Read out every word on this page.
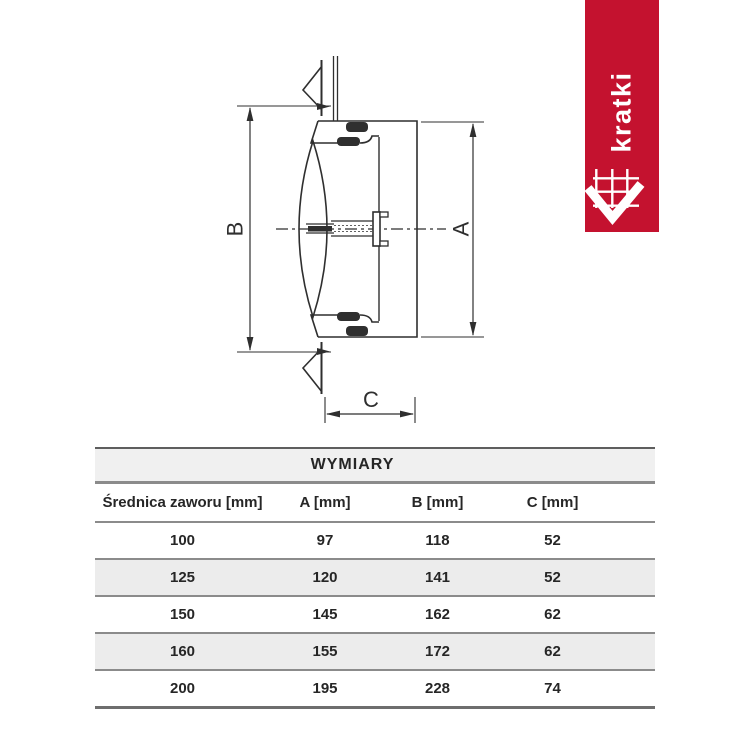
B	A
C
kratki
WYMIARY				
Średnica zaworu [mm]	A [mm]	B [mm]	C [mm]	
100	97	118	52	
125	120	141	52	
150	145	162	62	
160	155	172	62	
200	195	228	74	
